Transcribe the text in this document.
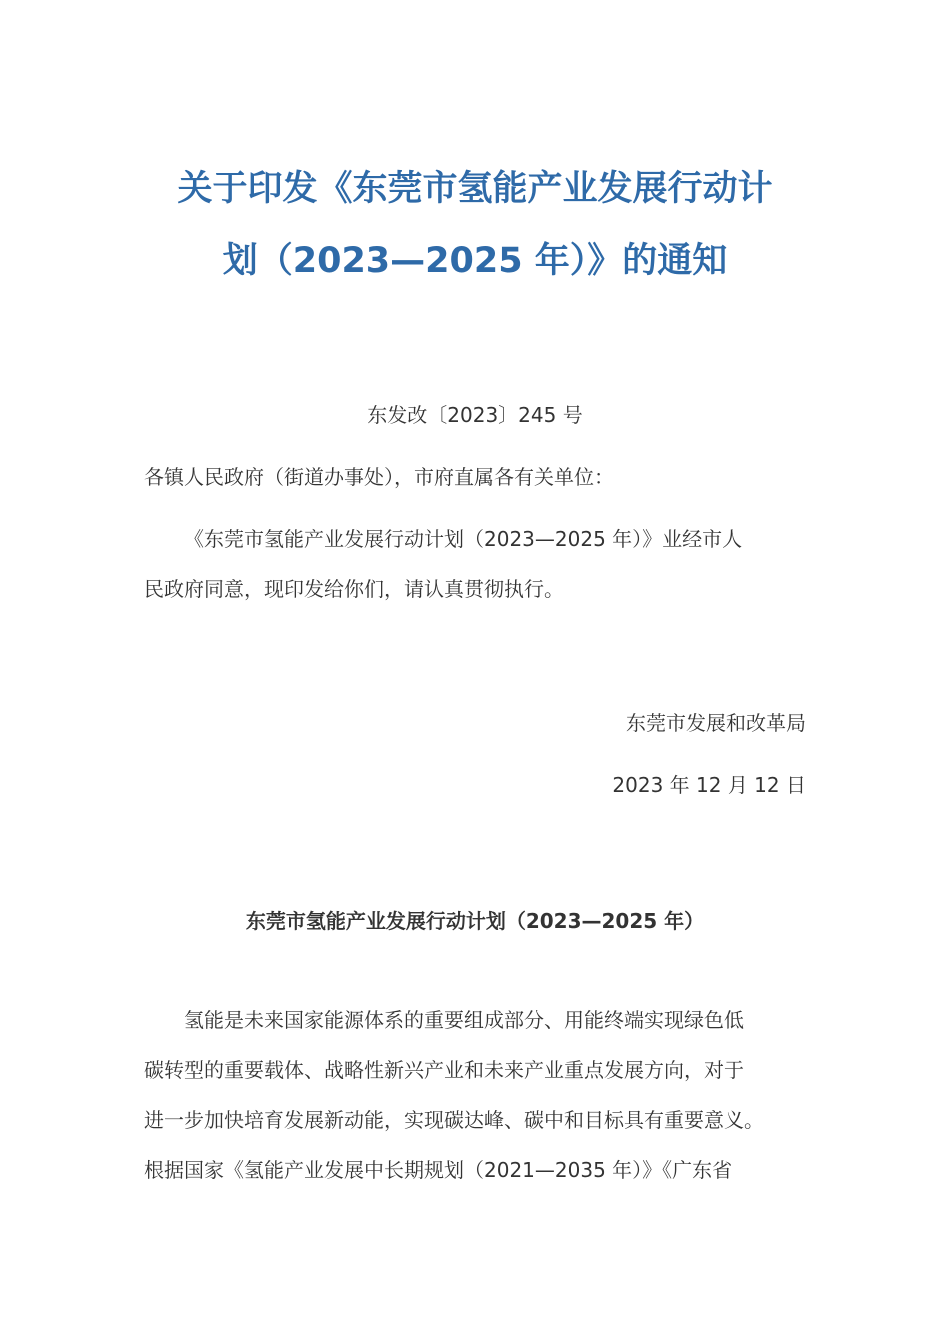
关于印发《东莞市氢能产业发展行动计
划（2023—2025 年）》的通知
东发改〔2023〕245 号
各镇人民政府（街道办事处），市府直属各有关单位：
《东莞市氢能产业发展行动计划（2023—2025 年）》业经市人
民政府同意，现印发给你们，请认真贯彻执行。
东莞市发展和改革局
2023 年 12 月 12 日
东莞市氢能产业发展行动计划（2023—2025 年）
氢能是未来国家能源体系的重要组成部分、用能终端实现绿色低
碳转型的重要载体、战略性新兴产业和未来产业重点发展方向，对于
进一步加快培育发展新动能，实现碳达峰、碳中和目标具有重要意义。
根据国家《氢能产业发展中长期规划（2021—2035 年）》《广东省
